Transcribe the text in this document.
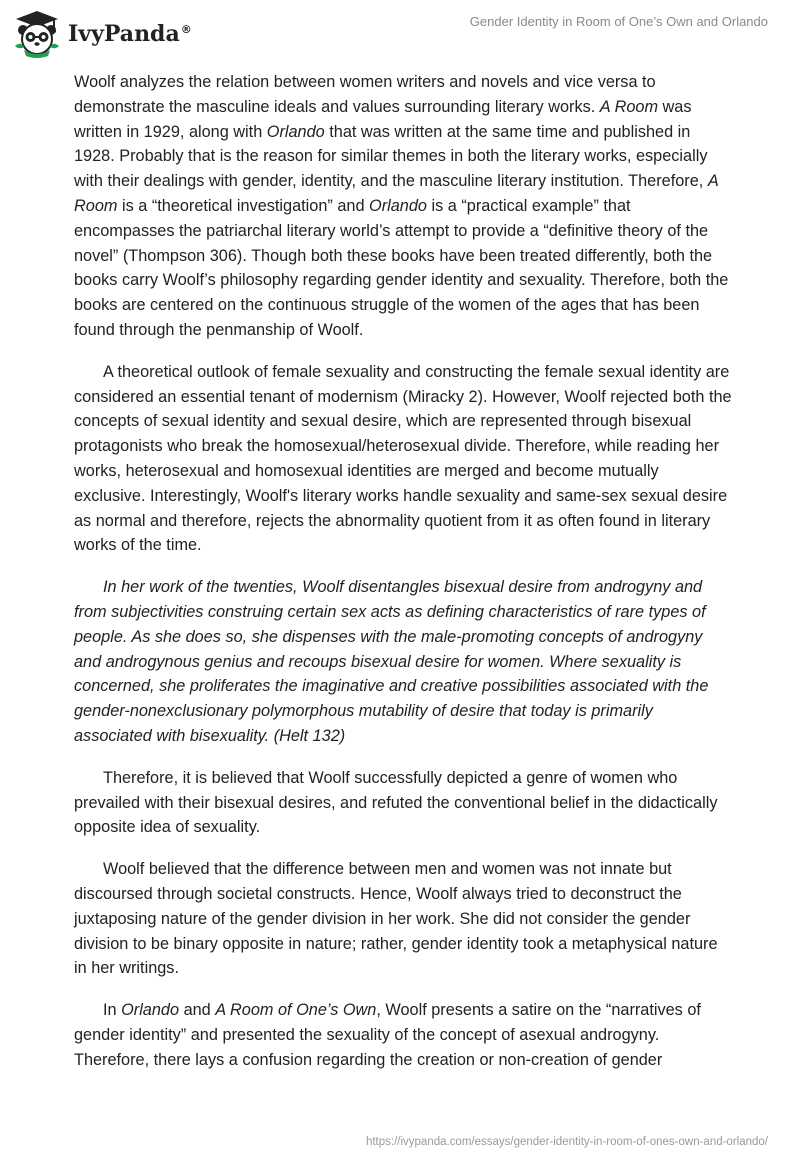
IvyPanda®
Gender Identity in Room of One’s Own and Orlando

Woolf analyzes the relation between women writers and novels and vice versa to demonstrate the masculine ideals and values surrounding literary works. A Room was written in 1929, along with Orlando that was written at the same time and published in 1928. Probably that is the reason for similar themes in both the literary works, especially with their dealings with gender, identity, and the masculine literary institution. Therefore, A Room is a “theoretical investigation” and Orlando is a “practical example” that encompasses the patriarchal literary world’s attempt to provide a “definitive theory of the novel” (Thompson 306). Though both these books have been treated differently, both the books carry Woolf’s philosophy regarding gender identity and sexuality. Therefore, both the books are centered on the continuous struggle of the women of the ages that has been found through the penmanship of Woolf.

A theoretical outlook of female sexuality and constructing the female sexual identity are considered an essential tenant of modernism (Miracky 2). However, Woolf rejected both the concepts of sexual identity and sexual desire, which are represented through bisexual protagonists who break the homosexual/heterosexual divide. Therefore, while reading her works, heterosexual and homosexual identities are merged and become mutually exclusive. Interestingly, Woolf's literary works handle sexuality and same-sex sexual desire as normal and therefore, rejects the abnormality quotient from it as often found in literary works of the time.

In her work of the twenties, Woolf disentangles bisexual desire from androgyny and from subjectivities construing certain sex acts as defining characteristics of rare types of people. As she does so, she dispenses with the male-promoting concepts of androgyny and androgynous genius and recoups bisexual desire for women. Where sexuality is concerned, she proliferates the imaginative and creative possibilities associated with the gender-nonexclusionary polymorphous mutability of desire that today is primarily associated with bisexuality. (Helt 132)

Therefore, it is believed that Woolf successfully depicted a genre of women who prevailed with their bisexual desires, and refuted the conventional belief in the didactically opposite idea of sexuality.

Woolf believed that the difference between men and women was not innate but discoursed through societal constructs. Hence, Woolf always tried to deconstruct the juxtaposing nature of the gender division in her work. She did not consider the gender division to be binary opposite in nature; rather, gender identity took a metaphysical nature in her writings.

In Orlando and A Room of One’s Own, Woolf presents a satire on the “narratives of gender identity” and presented the sexuality of the concept of asexual androgyny. Therefore, there lays a confusion regarding the creation or non-creation of gender

https://ivypanda.com/essays/gender-identity-in-room-of-ones-own-and-orlando/
